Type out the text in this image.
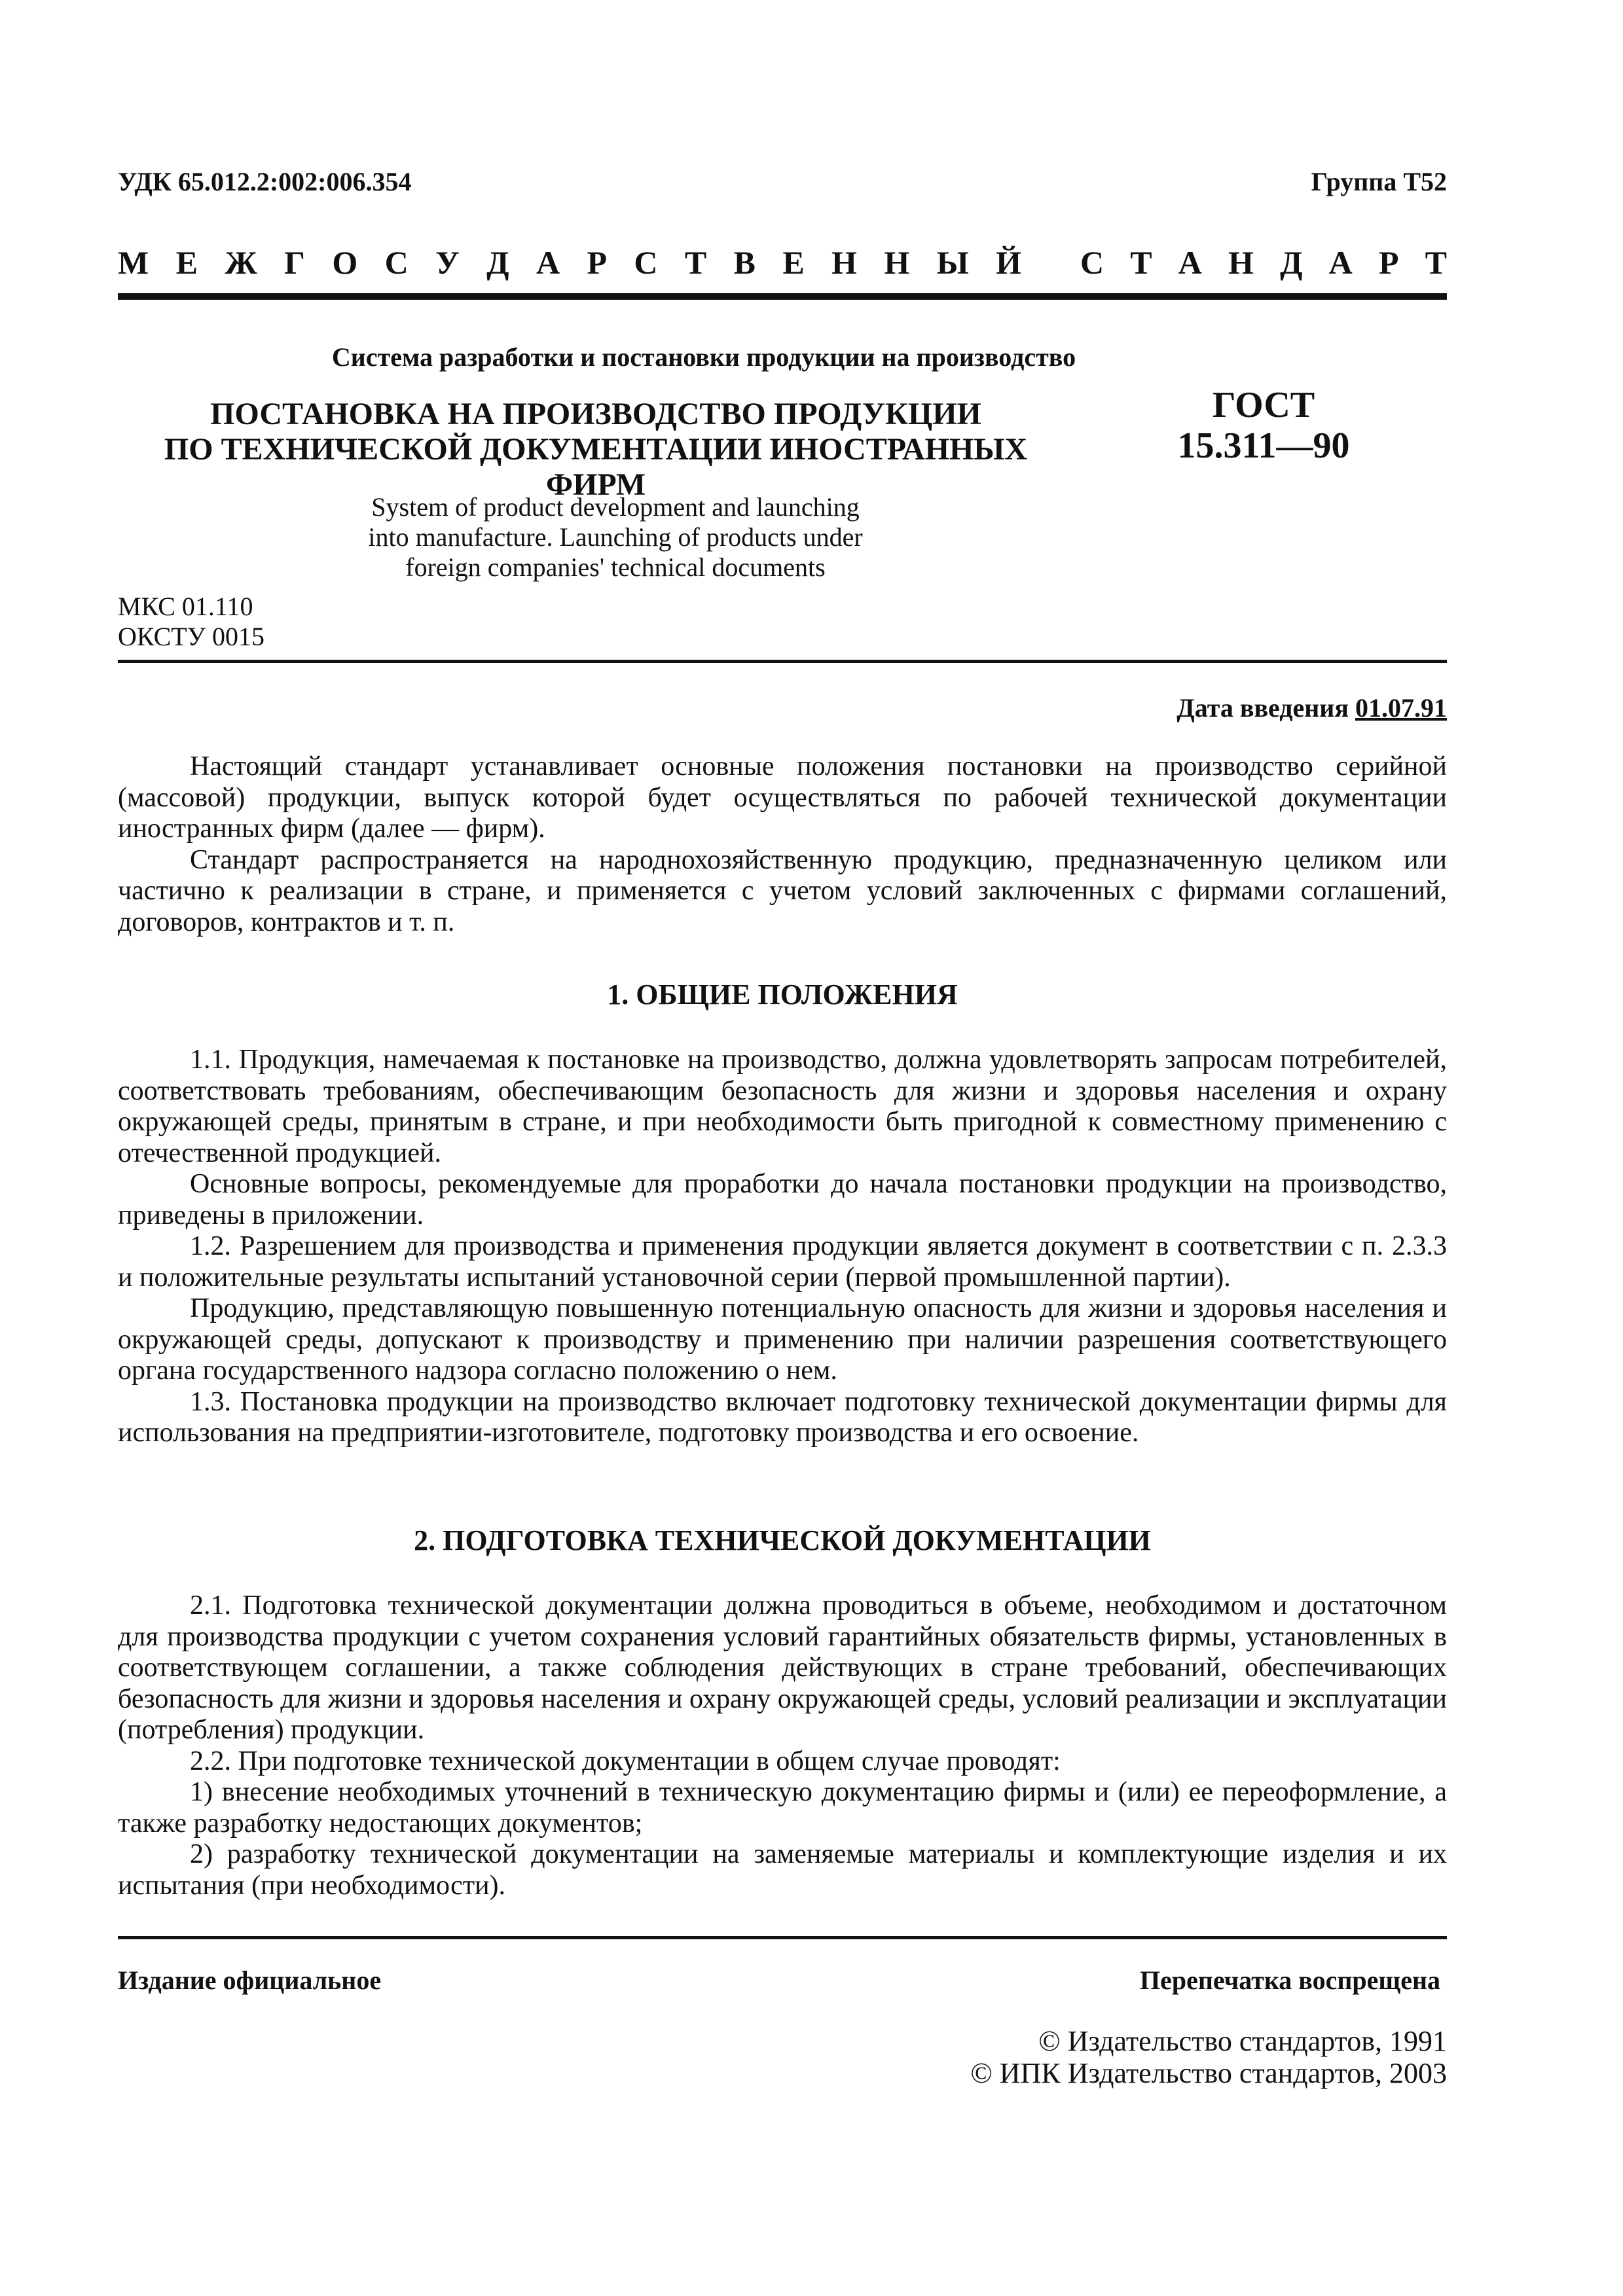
УДК 65.012.2:002:006.354	Группа Т52
М Е Ж Г О С У Д А Р С Т В Е Н Н Ы Й С Т А Н Д А Р Т
Система разработки и постановки продукции на производство
ПОСТАНОВКА НА ПРОИЗВОДСТВО ПРОДУКЦИИ
ПО ТЕХНИЧЕСКОЙ ДОКУМЕНТАЦИИ ИНОСТРАННЫХ ФИРМ
ГОСТ
15.311—90
System of product development and launching
into manufacture. Launching of products under
foreign companies' technical documents
МКС 01.110
ОКСТУ 0015
Дата введения 01.07.91

Настоящий стандарт устанавливает основные положения постановки на производство серийной (массовой) продукции, выпуск которой будет осуществляться по рабочей технической документации иностранных фирм (далее — фирм).

Стандарт распространяется на народнохозяйственную продукцию, предназначенную целиком или частично к реализации в стране, и применяется с учетом условий заключенных с фирмами соглашений, договоров, контрактов и т. п.

1. ОБЩИЕ ПОЛОЖЕНИЯ

1.1. Продукция, намечаемая к постановке на производство, должна удовлетворять запросам потребителей, соответствовать требованиям, обеспечивающим безопасность для жизни и здоровья населения и охрану окружающей среды, принятым в стране, и при необходимости быть пригодной к совместному применению с отечественной продукцией.

Основные вопросы, рекомендуемые для проработки до начала постановки продукции на производство, приведены в приложении.

1.2. Разрешением для производства и применения продукции является документ в соответствии с п. 2.3.3 и положительные результаты испытаний установочной серии (первой промышленной партии).

Продукцию, представляющую повышенную потенциальную опасность для жизни и здоровья населения и окружающей среды, допускают к производству и применению при наличии разрешения соответствующего органа государственного надзора согласно положению о нем.

1.3. Постановка продукции на производство включает подготовку технической документации фирмы для использования на предприятии-изготовителе, подготовку производства и его освоение.

2. ПОДГОТОВКА ТЕХНИЧЕСКОЙ ДОКУМЕНТАЦИИ

2.1. Подготовка технической документации должна проводиться в объеме, необходимом и достаточном для производства продукции с учетом сохранения условий гарантийных обязательств фирмы, установленных в соответствующем соглашении, а также соблюдения действующих в стране требований, обеспечивающих безопасность для жизни и здоровья населения и охрану окружающей среды, условий реализации и эксплуатации (потребления) продукции.

2.2. При подготовке технической документации в общем случае проводят:

1) внесение необходимых уточнений в техническую документацию фирмы и (или) ее переоформление, а также разработку недостающих документов;

2) разработку технической документации на заменяемые материалы и комплектующие изделия и их испытания (при необходимости).

Издание официальное	Перепечатка воспрещена
© Издательство стандартов, 1991
© ИПК Издательство стандартов, 2003
